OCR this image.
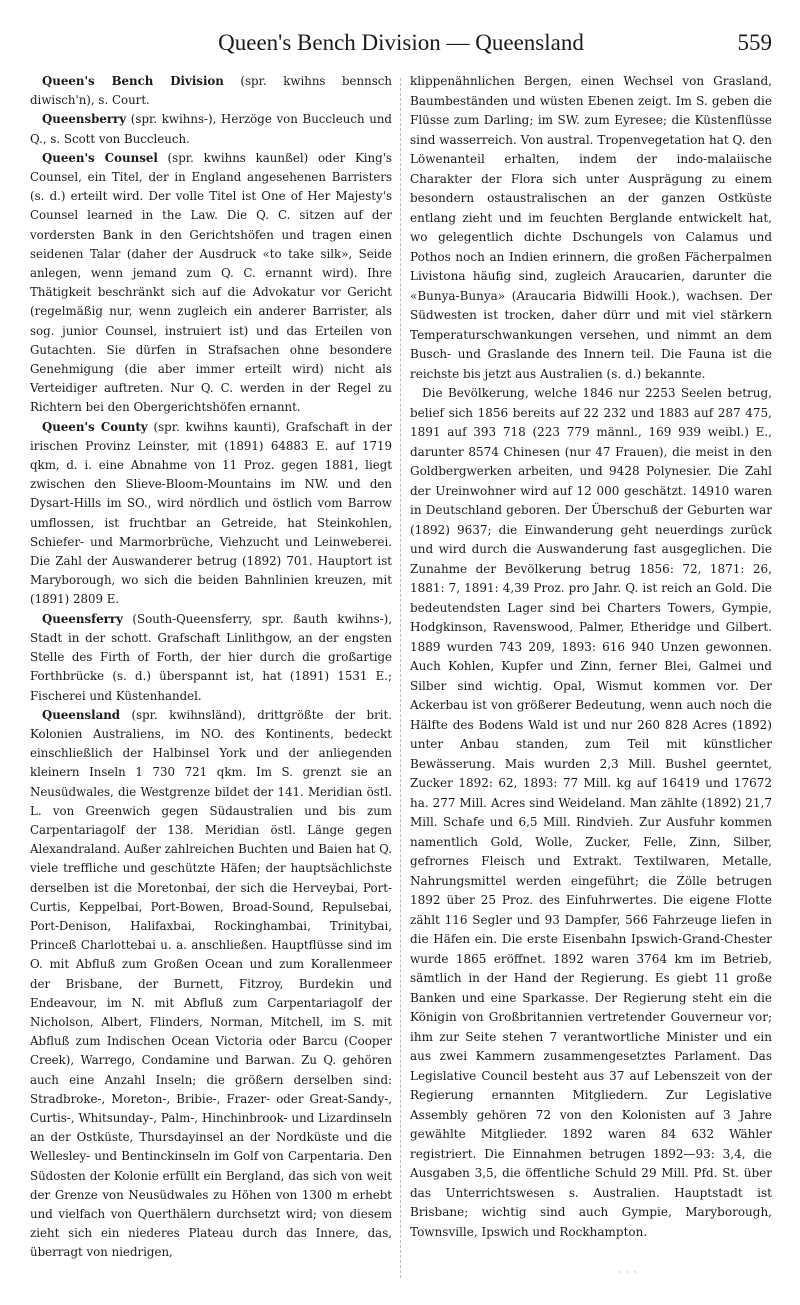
Queen's Bench Division — Queensland	559

Queen's Bench Division (spr. kwihns bennsch diwisch'n), s. Court.

Queensberry (spr. kwihns-), Herzöge von Buccleuch und Q., s. Scott von Buccleuch.

Queen's Counsel (spr. kwihns kaunßel) oder King's Counsel, ein Titel, der in England angesehenen Barristers (s. d.) erteilt wird. Der volle Titel ist One of Her Majesty's Counsel learned in the Law. Die Q. C. sitzen auf der vordersten Bank in den Gerichtshöfen und tragen einen seidenen Talar (daher der Ausdruck «to take silk», Seide anlegen, wenn jemand zum Q. C. ernannt wird). Ihre Thätigkeit beschränkt sich auf die Advokatur vor Gericht (regelmäßig nur, wenn zugleich ein anderer Barrister, als sog. junior Counsel, instruiert ist) und das Erteilen von Gutachten. Sie dürfen in Strafsachen ohne besondere Genehmigung (die aber immer erteilt wird) nicht als Verteidiger auftreten. Nur Q. C. werden in der Regel zu Richtern bei den Obergerichtshöfen ernannt.

Queen's County (spr. kwihns kaunti), Grafschaft in der irischen Provinz Leinster, mit (1891) 64883 E. auf 1719 qkm, d. i. eine Abnahme von 11 Proz. gegen 1881, liegt zwischen den Slieve-Bloom-Mountains im NW. und den Dysart-Hills im SO., wird nördlich und östlich vom Barrow umflossen, ist fruchtbar an Getreide, hat Steinkohlen, Schiefer- und Marmorbrüche, Viehzucht und Leinweberei. Die Zahl der Auswanderer betrug (1892) 701. Hauptort ist Maryborough, wo sich die beiden Bahnlinien kreuzen, mit (1891) 2809 E.

Queensferry (South-Queensferry, spr. ßauth kwihns-), Stadt in der schott. Grafschaft Linlithgow, an der engsten Stelle des Firth of Forth, der hier durch die großartige Forthbrücke (s. d.) überspannt ist, hat (1891) 1531 E.; Fischerei und Küstenhandel.

Queensland (spr. kwihnsländ), drittgrößte der brit. Kolonien Australiens, im NO. des Kontinents, bedeckt einschließlich der Halbinsel York und der anliegenden kleinern Inseln 1 730 721 qkm. Im S. grenzt sie an Neusüdwales, die Westgrenze bildet der 141. Meridian östl. L. von Greenwich gegen Südaustralien und bis zum Carpentariagolf der 138. Meridian östl. Länge gegen Alexandraland. Außer zahlreichen Buchten und Baien hat Q. viele treffliche und geschützte Häfen; der hauptsächlichste derselben ist die Moretonbai, der sich die Herveybai, Port-Curtis, Keppelbai, Port-Bowen, Broad-Sound, Repulsebai, Port-Denison, Halifaxbai, Rockinghambai, Trinitybai, Princeß Charlottebai u. a. anschließen. Hauptflüsse sind im O. mit Abfluß zum Großen Ocean und zum Korallenmeer der Brisbane, der Burnett, Fitzroy, Burdekin und Endeavour, im N. mit Abfluß zum Carpentariagolf der Nicholson, Albert, Flinders, Norman, Mitchell, im S. mit Abfluß zum Indischen Ocean Victoria oder Barcu (Cooper Creek), Warrego, Condamine und Barwan. Zu Q. gehören auch eine Anzahl Inseln; die größern derselben sind: Stradbroke-, Moreton-, Bribie-, Frazer- oder Great-Sandy-, Curtis-, Whitsunday-, Palm-, Hinchinbrook- und Lizardinseln an der Ostküste, Thursdayinsel an der Nordküste und die Wellesley- und Bentinckinseln im Golf von Carpentaria. Den Südosten der Kolonie erfüllt ein Bergland, das sich von weit der Grenze von Neusüdwales zu Höhen von 1300 m erhebt und vielfach von Querthälern durchsetzt wird; von diesem zieht sich ein niederes Plateau durch das Innere, das, überragt von niedrigen,

klippenähnlichen Bergen, einen Wechsel von Grasland, Baumbeständen und wüsten Ebenen zeigt. Im S. geben die Flüsse zum Darling; im SW. zum Eyresee; die Küstenflüsse sind wasserreich. Von austral. Tropenvegetation hat Q. den Löwenanteil erhalten, indem der indo-malaiische Charakter der Flora sich unter Ausprägung zu einem besondern ostaustralischen an der ganzen Ostküste entlang zieht und im feuchten Berglande entwickelt hat, wo gelegentlich dichte Dschungels von Calamus und Pothos noch an Indien erinnern, die großen Fächerpalmen Livistona häufig sind, zugleich Araucarien, darunter die «Bunya-Bunya» (Araucaria Bidwilli Hook.), wachsen. Der Südwesten ist trocken, daher dürr und mit viel stärkern Temperaturschwankungen versehen, und nimmt an dem Busch- und Graslande des Innern teil. Die Fauna ist die reichste bis jetzt aus Australien (s. d.) bekannte.

Die Bevölkerung, welche 1846 nur 2253 Seelen betrug, belief sich 1856 bereits auf 22 232 und 1883 auf 287 475, 1891 auf 393 718 (223 779 männl., 169 939 weibl.) E., darunter 8574 Chinesen (nur 47 Frauen), die meist in den Goldbergwerken arbeiten, und 9428 Polynesier. Die Zahl der Ureinwohner wird auf 12 000 geschätzt. 14910 waren in Deutschland geboren. Der Überschuß der Geburten war (1892) 9637; die Einwanderung geht neuerdings zurück und wird durch die Auswanderung fast ausgeglichen. Die Zunahme der Bevölkerung betrug 1856: 72, 1871: 26, 1881: 7, 1891: 4,39 Proz. pro Jahr. Q. ist reich an Gold. Die bedeutendsten Lager sind bei Charters Towers, Gympie, Hodgkinson, Ravenswood, Palmer, Etheridge und Gilbert. 1889 wurden 743 209, 1893: 616 940 Unzen gewonnen. Auch Kohlen, Kupfer und Zinn, ferner Blei, Galmei und Silber sind wichtig. Opal, Wismut kommen vor. Der Ackerbau ist von größerer Bedeutung, wenn auch noch die Hälfte des Bodens Wald ist und nur 260 828 Acres (1892) unter Anbau standen, zum Teil mit künstlicher Bewässerung. Mais wurden 2,3 Mill. Bushel geerntet, Zucker 1892: 62, 1893: 77 Mill. kg auf 16419 und 17672 ha. 277 Mill. Acres sind Weideland. Man zählte (1892) 21,7 Mill. Schafe und 6,5 Mill. Rindvieh. Zur Ausfuhr kommen namentlich Gold, Wolle, Zucker, Felle, Zinn, Silber, gefrornes Fleisch und Extrakt. Textilwaren, Metalle, Nahrungsmittel werden eingeführt; die Zölle betrugen 1892 über 25 Proz. des Einfuhrwertes. Die eigene Flotte zählt 116 Segler und 93 Dampfer, 566 Fahrzeuge liefen in die Häfen ein. Die erste Eisenbahn Ipswich-Grand-Chester wurde 1865 eröffnet. 1892 waren 3764 km im Betrieb, sämtlich in der Hand der Regierung. Es giebt 11 große Banken und eine Sparkasse. Der Regierung steht ein die Königin von Großbritannien vertretender Gouverneur vor; ihm zur Seite stehen 7 verantwortliche Minister und ein aus zwei Kammern zusammengesetztes Parlament. Das Legislative Council besteht aus 37 auf Lebenszeit von der Regierung ernannten Mitgliedern. Zur Legislative Assembly gehören 72 von den Kolonisten auf 3 Jahre gewählte Mitglieder. 1892 waren 84 632 Wähler registriert. Die Einnahmen betrugen 1892—93: 3,4, die Ausgaben 3,5, die öffentliche Schuld 29 Mill. Pfd. St. über das Unterrichtswesen s. Australien. Hauptstadt ist Brisbane; wichtig sind auch Gympie, Maryborough, Townsville, Ipswich und Rockhampton.

· · ·
